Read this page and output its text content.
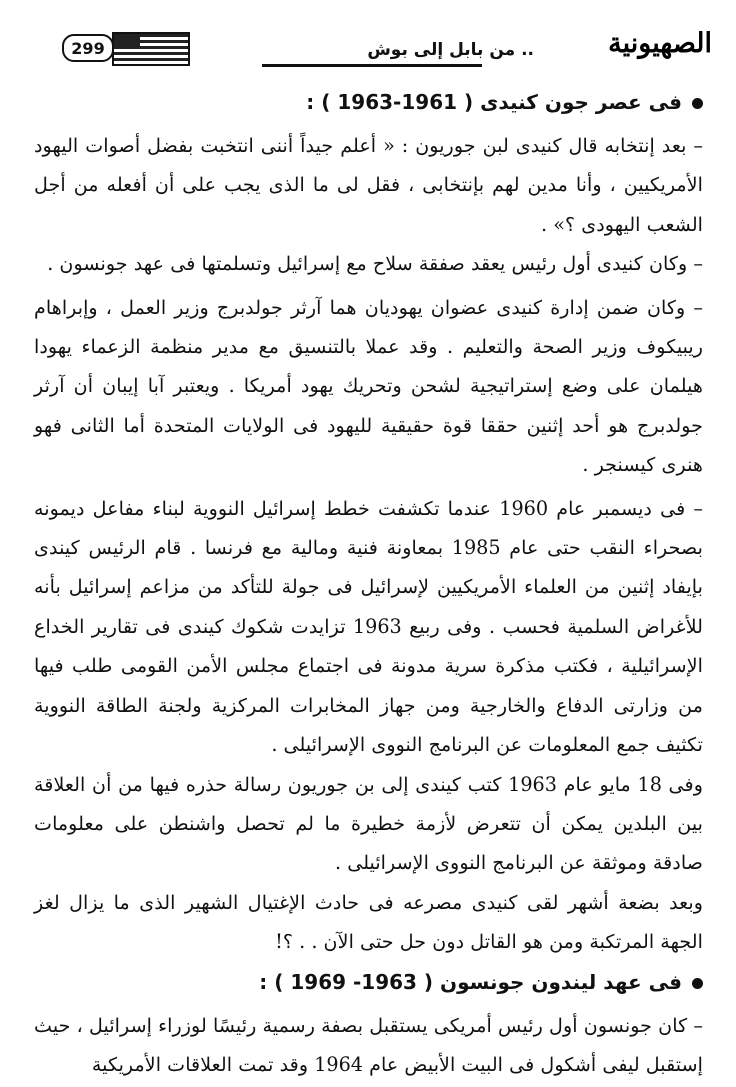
299	.. من بابل إلى بوش	الصهيونية
فى عصر جون كنيدى ( 1961-1963 ) :

– بعد إنتخابه قال كنيدى لبن جوريون : « أعلم جيداً أننى انتخبت بفضل أصوات اليهود الأمريكيين ، وأنا مدين لهم بإنتخابى ، فقل لى ما الذى يجب على أن أفعله من أجل الشعب اليهودى ؟» .

– وكان كنيدى أول رئيس يعقد صفقة سلاح مع إسرائيل وتسلمتها فى عهد جونسون .

– وكان ضمن إدارة كنيدى عضوان يهوديان هما آرثر جولدبرج وزير العمل ، وإبراهام ريبيكوف وزير الصحة والتعليم . وقد عملا بالتنسيق مع مدير منظمة الزعماء يهودا هيلمان على وضع إستراتيجية لشحن وتحريك يهود أمريكا . ويعتبر آبا إيبان أن آرثر جولدبرج هو أحد إثنين حققا قوة حقيقية لليهود فى الولايات المتحدة أما الثانى فهو هنرى كيسنجر .

– فى ديسمبر عام 1960 عندما تكشفت خطط إسرائيل النووية لبناء مفاعل ديمونه بصحراء النقب حتى عام 1985 بمعاونة فنية ومالية مع فرنسا . قام الرئيس كيندى بإيفاد إثنين من العلماء الأمريكيين لإسرائيل فى جولة للتأكد من مزاعم إسرائيل بأنه للأغراض السلمية فحسب . وفى ربيع 1963 تزايدت شكوك كيندى فى تقارير الخداع الإسرائيلية ، فكتب مذكرة سرية مدونة فى اجتماع مجلس الأمن القومى طلب فيها من وزارتى الدفاع والخارجية ومن جهاز المخابرات المركزية ولجنة الطاقة النووية تكثيف جمع المعلومات عن البرنامج النووى الإسرائيلى .

وفى 18 مايو عام 1963 كتب كيندى إلى بن جوريون رسالة حذره فيها من أن العلاقة بين البلدين يمكن أن تتعرض لأزمة خطيرة ما لم تحصل واشنطن على معلومات صادقة وموثقة عن البرنامج النووى الإسرائيلى .

وبعد بضعة أشهر لقى كنيدى مصرعه فى حادث الإغتيال الشهير الذى ما يزال لغز الجهة المرتكبة ومن هو القاتل دون حل حتى الآن . . ؟!

فى عهد ليندون جونسون ( 1963- 1969 ) :

– كان جونسون أول رئيس أمريكى يستقبل بصفة رسمية رئيسًا لوزراء إسرائيل ، حيث إستقبل ليفى أشكول فى البيت الأبيض عام 1964 وقد تمت العلاقات الأمريكية
